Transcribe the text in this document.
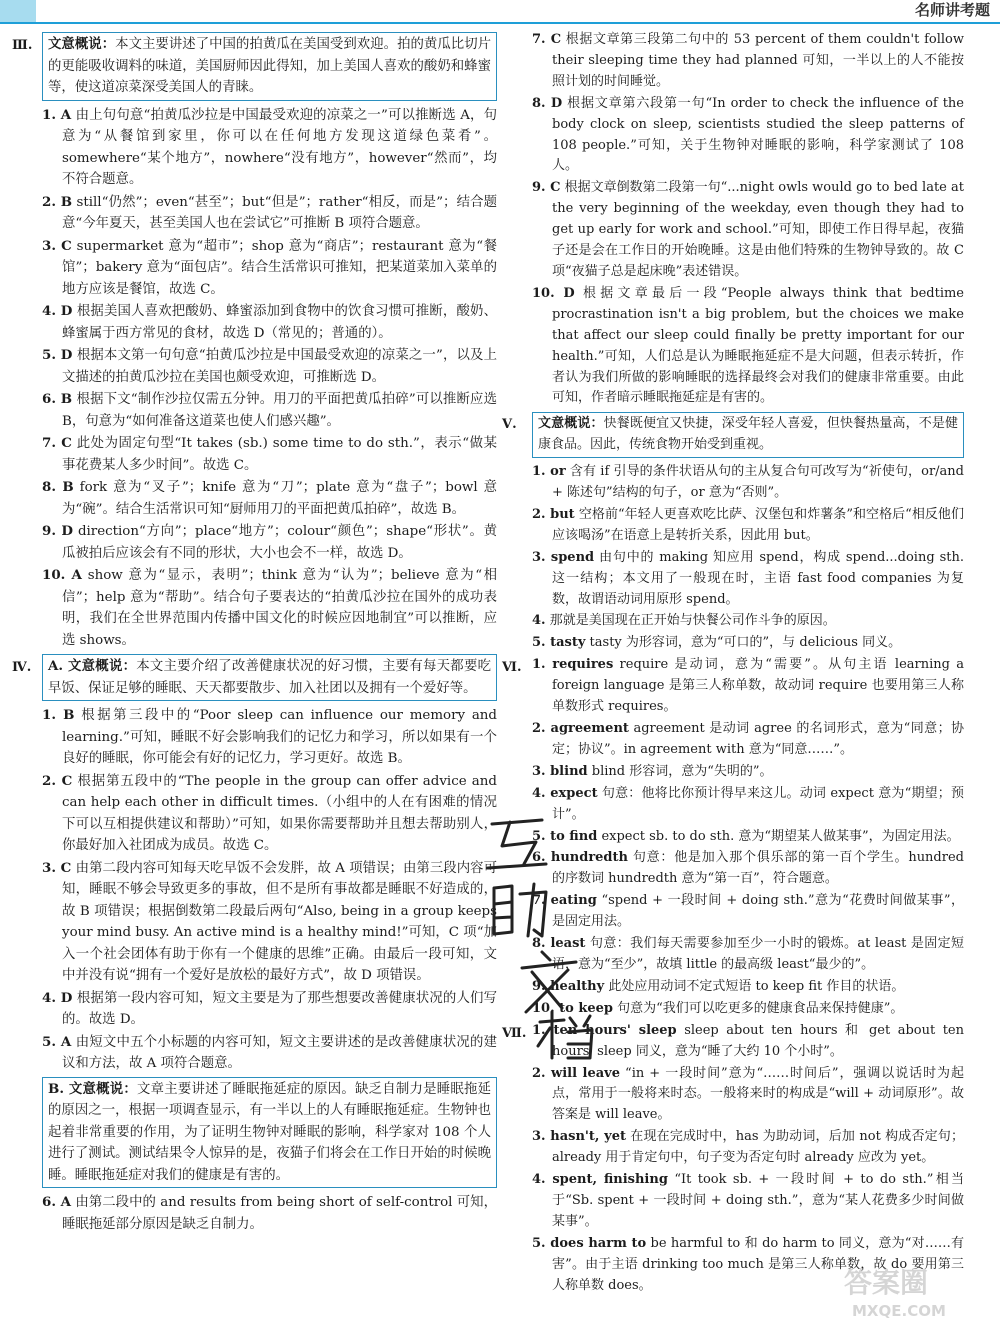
名师讲考题
Ⅲ.	文意概说：本文主要讲述了中国的拍黄瓜在美国受到欢迎。拍的黄瓜比切片的更能吸收调料的味道，美国厨师因此得知，加上美国人喜欢的酸奶和蜂蜜等，使这道凉菜深受美国人的青睐。
1. A 由上句句意“拍黄瓜沙拉是中国最受欢迎的凉菜之一”可以推断选 A，句意为“从餐馆到家里，你可以在任何地方发现这道绿色菜肴”。somewhere“某个地方”，nowhere“没有地方”，however“然而”，均不符合题意。
2. B still“仍然”；even“甚至”；but“但是”；rather“相反，而是”；结合题意“今年夏天，甚至美国人也在尝试它”可推断 B 项符合题意。
3. C supermarket 意为“超市”；shop 意为“商店”；restaurant 意为“餐馆”；bakery 意为“面包店”。结合生活常识可推知，把某道菜加入菜单的地方应该是餐馆，故选 C。
4. D 根据美国人喜欢把酸奶、蜂蜜添加到食物中的饮食习惯可推断，酸奶、蜂蜜属于西方常见的食材，故选 D（常见的；普通的）。
5. D 根据本文第一句句意“拍黄瓜沙拉是中国最受欢迎的凉菜之一”，以及上文描述的拍黄瓜沙拉在美国也颇受欢迎，可推断选 D。
6. B 根据下文“制作沙拉仅需五分钟。用刀的平面把黄瓜拍碎”可以推断应选 B，句意为“如何准备这道菜也使人们感兴趣”。
7. C 此处为固定句型“It takes (sb.) some time to do sth.”，表示“做某事花费某人多少时间”。故选 C。
8. B fork 意为“叉子”；knife 意为“刀”；plate 意为“盘子”；bowl 意为“碗”。结合生活常识可知“厨师用刀的平面把黄瓜拍碎”，故选 B。
9. D direction“方向”；place“地方”；colour“颜色”；shape“形状”。黄瓜被拍后应该会有不同的形状，大小也会不一样，故选 D。
10. A show 意为“显示，表明”；think 意为“认为”；believe 意为“相信”；help 意为“帮助”。结合句子要表达的“拍黄瓜沙拉在国外的成功表明，我们在全世界范围内传播中国文化的时候应因地制宜”可以推断，应选 shows。
Ⅳ.	A. 文意概说：本文主要介绍了改善健康状况的好习惯，主要有每天都要吃早饭、保证足够的睡眠、天天都要散步、加入社团以及拥有一个爱好等。
1. B 根据第三段中的“Poor sleep can influence our memory and learning.”可知，睡眠不好会影响我们的记忆力和学习，所以如果有一个良好的睡眠，你可能会有好的记忆力，学习更好。故选 B。
2. C 根据第五段中的“The people in the group can offer advice and can help each other in difficult times.（小组中的人在有困难的情况下可以互相提供建议和帮助）”可知，如果你需要帮助并且想去帮助别人，你最好加入社团成为成员。故选 C。
3. C 由第二段内容可知每天吃早饭不会发胖，故 A 项错误；由第三段内容可知，睡眠不够会导致更多的事故，但不是所有事故都是睡眠不好造成的，故 B 项错误；根据倒数第二段最后两句“Also, being in a group keeps your mind busy. An active mind is a healthy mind!”可知，C 项“加入一个社会团体有助于你有一个健康的思维”正确。由最后一段可知，文中并没有说“拥有一个爱好是放松的最好方式”，故 D 项错误。
4. D 根据第一段内容可知，短文主要是为了那些想要改善健康状况的人们写的。故选 D。
5. A 由短文中五个小标题的内容可知，短文主要讲述的是改善健康状况的建议和方法，故 A 项符合题意。
B. 文意概说：文章主要讲述了睡眠拖延症的原因。缺乏自制力是睡眠拖延的原因之一，根据一项调查显示，有一半以上的人有睡眠拖延症。生物钟也起着非常重要的作用，为了证明生物钟对睡眠的影响，科学家对 108 个人进行了测试。测试结果令人惊异的是，夜猫子们将会在工作日开始的时候晚睡。睡眠拖延症对我们的健康是有害的。
6. A 由第二段中的 and results from being short of self-control 可知，睡眠拖延部分原因是缺乏自制力。
7. C 根据文章第三段第二句中的 53 percent of them couldn't follow their sleeping time they had planned 可知，一半以上的人不能按照计划的时间睡觉。
8. D 根据文章第六段第一句“In order to check the influence of the body clock on sleep, scientists studied the sleep patterns of 108 people.”可知，关于生物钟对睡眠的影响，科学家测试了 108 人。
9. C 根据文章倒数第二段第一句“...night owls would go to bed late at the very beginning of the weekday, even though they had to get up early for work and school.”可知，即使工作日得早起，夜猫子还是会在工作日的开始晚睡。这是由他们特殊的生物钟导致的。故 C 项“夜猫子总是起床晚”表述错误。
10. D 根据文章最后一段“People always think that bedtime procrastination isn't a big problem, but the choices we make that affect our sleep could finally be pretty important for our health.”可知，人们总是认为睡眠拖延症不是大问题，但表示转折，作者认为我们所做的影响睡眠的选择最终会对我们的健康非常重要。由此可知，作者暗示睡眠拖延症是有害的。
Ⅴ.	文意概说：快餐既便宜又快捷，深受年轻人喜爱，但快餐热量高，不是健康食品。因此，传统食物开始受到重视。
1. or 含有 if 引导的条件状语从句的主从复合句可改写为“祈使句，or/and + 陈述句”结构的句子，or 意为“否则”。
2. but 空格前“年轻人更喜欢吃比萨、汉堡包和炸薯条”和空格后“相反他们应该喝汤”在语意上是转折关系，因此用 but。
3. spend 由句中的 making 知应用 spend，构成 spend...doing sth. 这一结构；本文用了一般现在时，主语 fast food companies 为复数，故谓语动词用原形 spend。
4. 那就是美国现在正开始与快餐公司作斗争的原因。
5. tasty tasty 为形容词，意为“可口的”，与 delicious 同义。
Ⅵ. 1. requires require 是动词，意为“需要”。从句主语 learning a foreign language 是第三人称单数，故动词 require 也要用第三人称单数形式 requires。
2. agreement agreement 是动词 agree 的名词形式，意为“同意；协定；协议”。in agreement with 意为“同意……”。
3. blind blind 形容词，意为“失明的”。
4. expect 句意：他将比你预计得早来这儿。动词 expect 意为“期望；预计”。
5. to find expect sb. to do sth. 意为“期望某人做某事”，为固定用法。
6. hundredth 句意：他是加入那个俱乐部的第一百个学生。hundred 的序数词 hundredth 意为“第一百”，符合题意。
7. eating “spend + 一段时间 + doing sth.”意为“花费时间做某事”，是固定用法。
8. least 句意：我们每天需要参加至少一小时的锻炼。at least 是固定短语，意为“至少”，故填 little 的最高级 least“最少的”。
9. healthy 此处应用动词不定式短语 to keep fit 作目的状语。
10. to keep 句意为“我们可以吃更多的健康食品来保持健康”。
Ⅶ. 1. ten hours' sleep sleep about ten hours 和 get about ten hours' sleep 同义，意为“睡了大约 10 个小时”。
2. will leave “in + 一段时间”意为“……时间后”，强调以说话时为起点，常用于一般将来时态。一般将来时的构成是“will + 动词原形”。故答案是 will leave。
3. hasn't, yet 在现在完成时中，has 为助动词，后加 not 构成否定句；already 用于肯定句中，句子变为否定句时 already 应改为 yet。
4. spent, finishing “It took sb. + 一段时间 + to do sth.”相当于“Sb. spent + 一段时间 + doing sth.”，意为“某人花费多少时间做某事”。
5. does harm to be harmful to 和 do harm to 同义，意为“对……有害”。由于主语 drinking too much 是第三人称单数，故 do 要用第三人称单数 does。	答案圈
MXQE.COM
